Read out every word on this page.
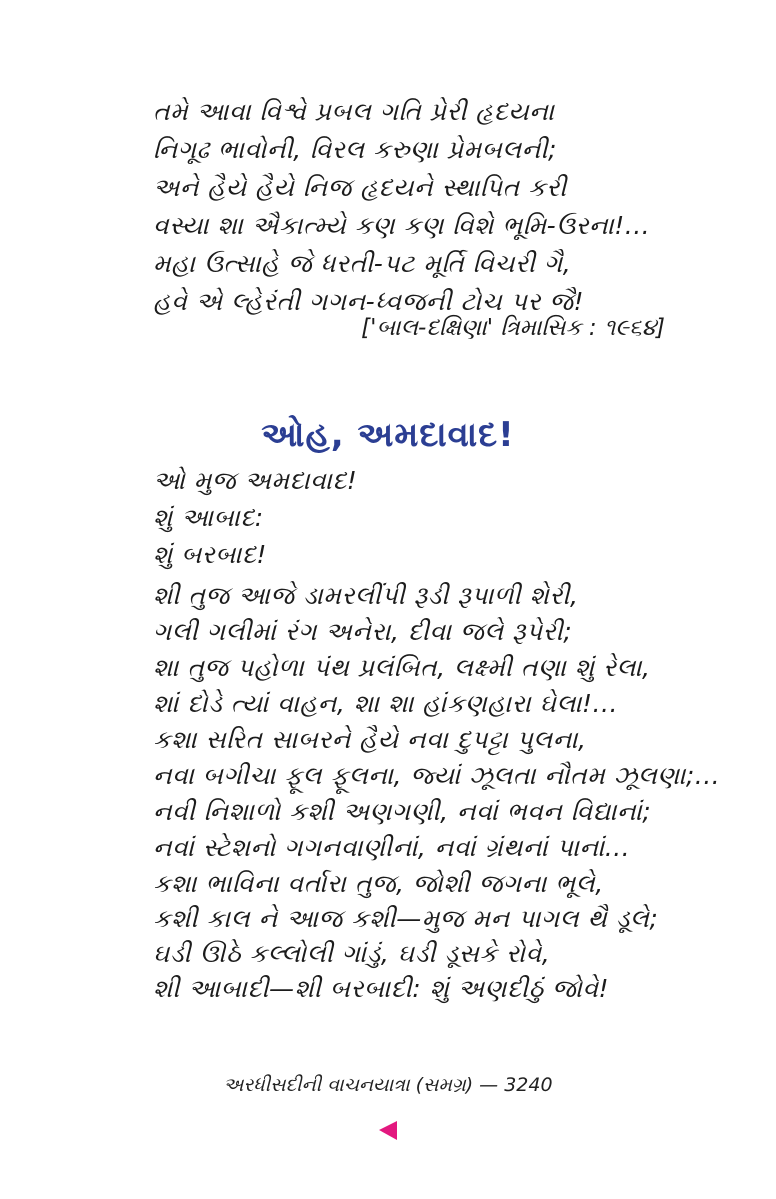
તમે આવા વિશ્વે પ્રબલ ગતિ પ્રેરી હૃદયના
નિગૂઢ ભાવોની, વિરલ કરુણા પ્રેમબલની;
અને હૈયે હૈયે નિજ હૃદયને સ્થાપિત કરી
વસ્યા શા ઐકાત્મ્યે કણ કણ વિશે ભૂમિ-ઉરના!...
મહા ઉત્સાહે જે ધરતી-પટ મૂર્તિ વિચરી ગૈ,
હવે એ લ્હેરંતી ગગન-ધ્વજની ટોચ પર જૈ!
['બાલ-દક્ષિણા' ત્રિમાસિક : ૧૯૬૪]
ઓહ, અમદાવાદ!
ઓ મુજ અમદાવાદ!
શું આબાદ:
શું બરબાદ!
શી તુજ આજે ડામરલીંપી રૂડી રૂપાળી શેરી,
ગલી ગલીમાં રંગ અનેરા, દીવા જલે રૂપેરી;
શા તુજ પહોળા પંથ પ્રલંબિત, લક્ષ્મી તણા શું રેલા,
શાં દોડે ત્યાં વાહન, શા શા હાંકણહારા ઘેલા!...
કશા સરિત સાબરને હૈયે નવા દુપટ્ટા પુલના,
નવા બગીચા ફૂલ ફૂલના, જ્યાં ઝૂલતા નૌતમ ઝૂલણા;...
નવી નિશાળો કશી અણગણી, નવાં ભવન વિદ્યાનાં;
નવાં સ્ટેશનો ગગનવાણીનાં, નવાં ગ્રંથનાં પાનાં...
કશા ભાવિના વર્તારા તુજ, જોશી જગના ભૂલે,
કશી કાલ ને આજ કશી—મુજ મન પાગલ થૈ ડૂલે;
ઘડી ઊઠે કલ્લોલી ગાંડું, ઘડી ડૂસકે રોવે,
શી આબાદી—શી બરબાદી: શું અણદીઠું જોવે!
અરધીસદીની વાચનયાત્રા (સમગ્ર) — 3240
